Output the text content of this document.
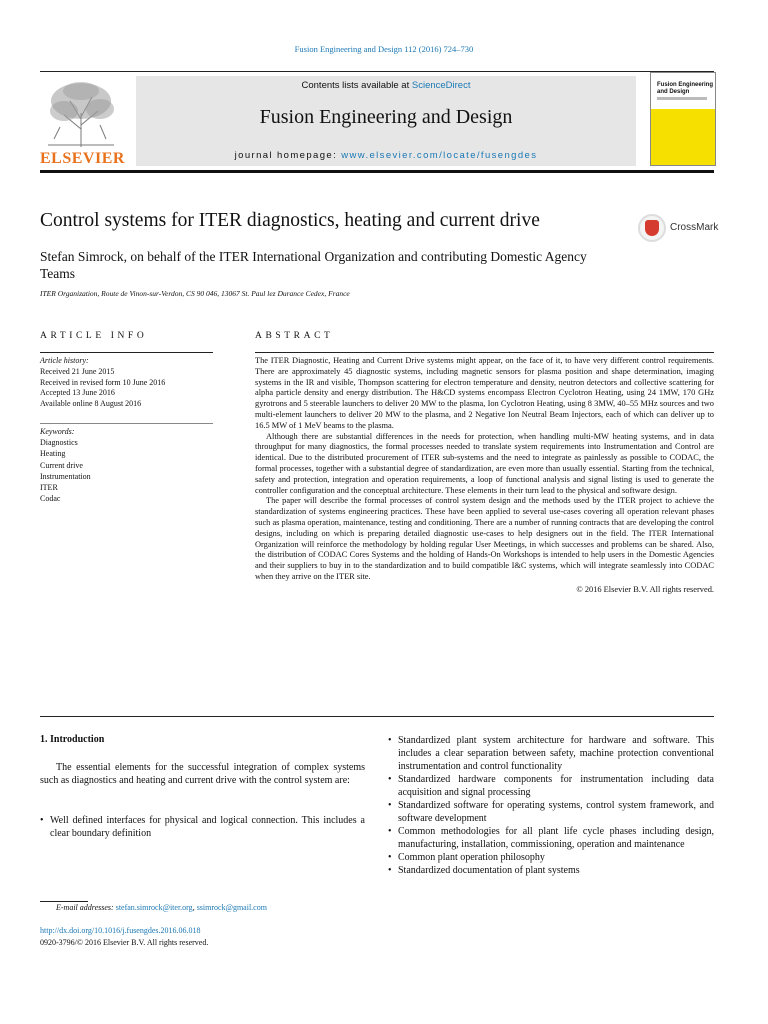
Fusion Engineering and Design 112 (2016) 724–730
ELSEVIER
Contents lists available at ScienceDirect
Fusion Engineering and Design
journal homepage: www.elsevier.com/locate/fusengdes
Fusion Engineering and Design
Control systems for ITER diagnostics, heating and current drive	CrossMark
Stefan Simrock, on behalf of the ITER International Organization and contributing Domestic Agency Teams
ITER Organization, Route de Vinon-sur-Verdon, CS 90 046, 13067 St. Paul lez Durance Cedex, France
ARTICLE INFO	ABSTRACT
Article history:
Received 21 June 2015
Received in revised form 10 June 2016
Accepted 13 June 2016
Available online 8 August 2016
Keywords:
Diagnostics
Heating
Current drive
Instrumentation
ITER
Codac

The ITER Diagnostic, Heating and Current Drive systems might appear, on the face of it, to have very different control requirements. There are approximately 45 diagnostic systems, including magnetic sensors for plasma position and shape determination, imaging systems in the IR and visible, Thompson scattering for electron temperature and density, neutron detectors and collective scattering for alpha particle density and energy distribution. The H&CD systems encompass Electron Cyclotron Heating, using 24 1MW, 170 GHz gyrotrons and 5 steerable launchers to deliver 20 MW to the plasma, Ion Cyclotron Heating, using 8 3MW, 40–55 MHz sources and two multi-element launchers to deliver 20 MW to the plasma, and 2 Negative Ion Neutral Beam Injectors, each of which can deliver up to 16.5 MW of 1 MeV beams to the plasma.

Although there are substantial differences in the needs for protection, when handling multi-MW heating systems, and in data throughput for many diagnostics, the formal processes needed to translate system requirements into Instrumentation and Control are identical. Due to the distributed procurement of ITER sub-systems and the need to integrate as painlessly as possible to CODAC, the formal processes, together with a substantial degree of standardization, are even more than usually essential. Starting from the technical, safety and protection, integration and operation requirements, a loop of functional analysis and signal listing is used to generate the controller configuration and the conceptual architecture. These elements in their turn lead to the physical and software design.

The paper will describe the formal processes of control system design and the methods used by the ITER project to achieve the standardization of systems engineering practices. These have been applied to several use-cases covering all operation relevant phases such as plasma operation, maintenance, testing and conditioning. There are a number of running contracts that are developing the control designs, including on which is preparing detailed diagnostic use-cases to help designers out in the field. The ITER International Organization will reinforce the methodology by holding regular User Meetings, in which successes and problems can be shared. Also, the distribution of CODAC Cores Systems and the holding of Hands-On Workshops is intended to help users in the Domestic Agencies and their suppliers to buy in to the standardization and to build compatible I&C systems, which will integrate seamlessly into CODAC when they arrive on the ITER site.

© 2016 Elsevier B.V. All rights reserved.

1. Introduction
The essential elements for the successful integration of complex systems such as diagnostics and heating and current drive with the control system are:
• Well defined interfaces for physical and logical connection. This includes a clear boundary definition
• Standardized plant system architecture for hardware and software. This includes a clear separation between safety, machine protection conventional instrumentation and control functionality
• Standardized hardware components for instrumentation including data acquisition and signal processing
• Standardized software for operating systems, control system framework, and software development
• Common methodologies for all plant life cycle phases including design, manufacturing, installation, commissioning, operation and maintenance
• Common plant operation philosophy
• Standardized documentation of plant systems
E-mail addresses: stefan.simrock@iter.org, ssimrock@gmail.com
http://dx.doi.org/10.1016/j.fusengdes.2016.06.018
0920-3796/© 2016 Elsevier B.V. All rights reserved.
